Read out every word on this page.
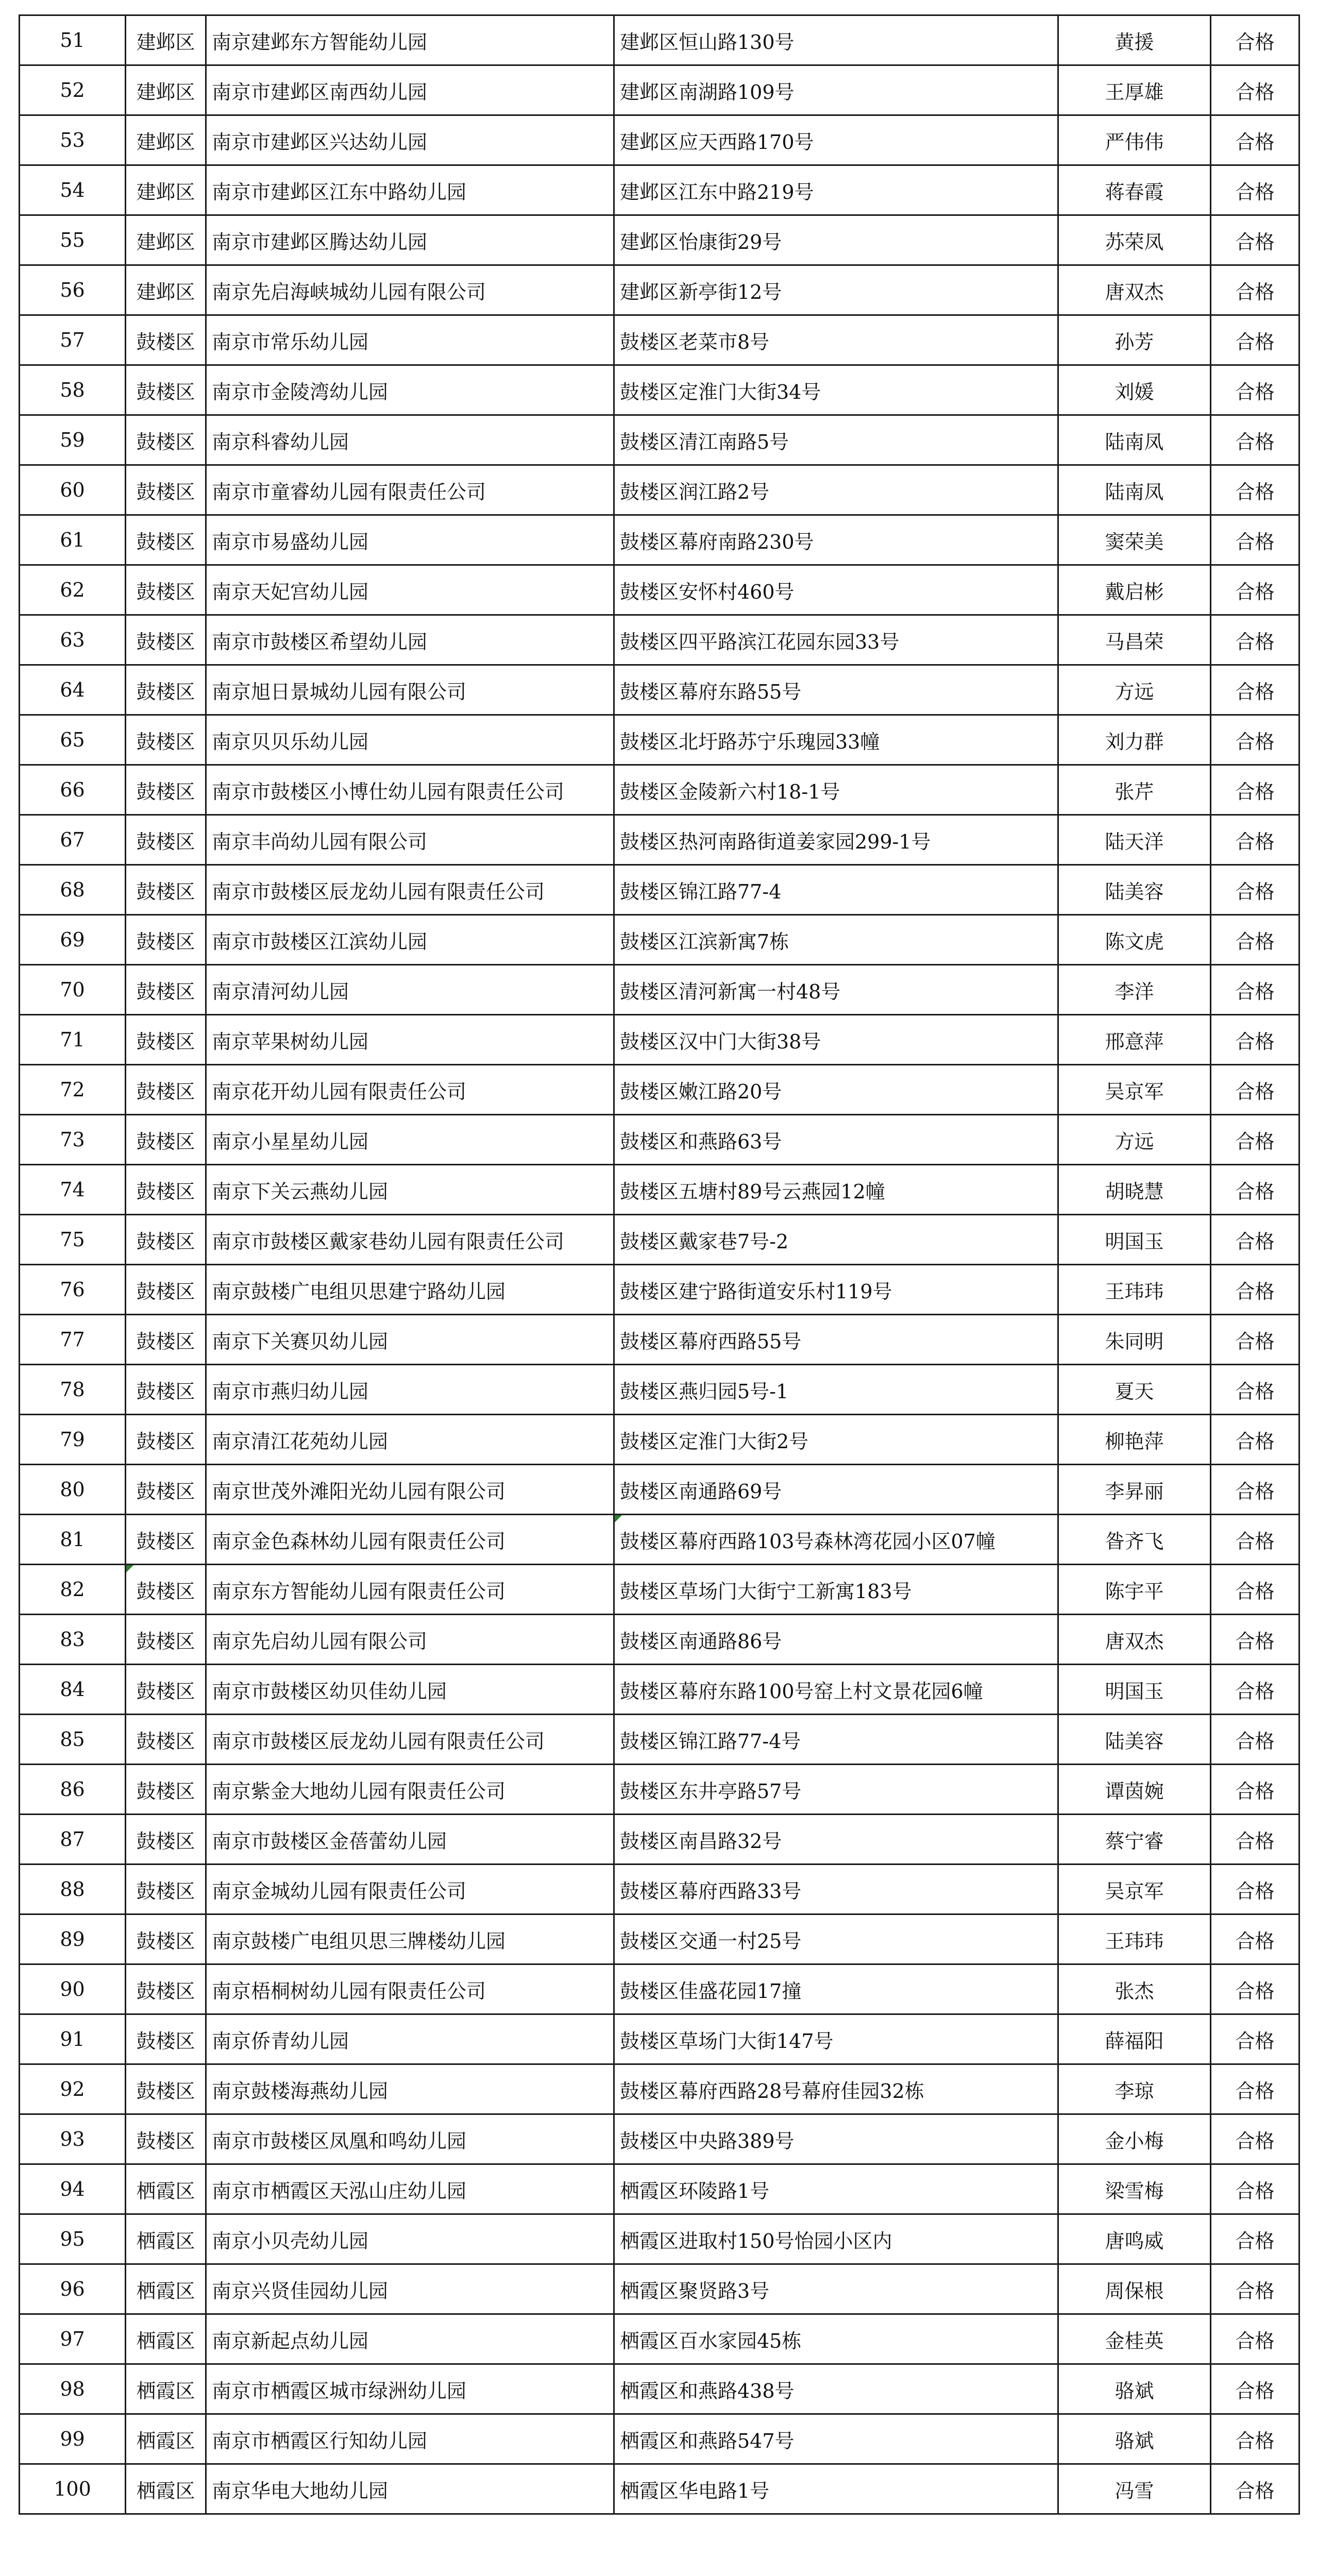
51	建邺区	南京建邺东方智能幼儿园	建邺区恒山路130号	黄援	合格
52	建邺区	南京市建邺区南西幼儿园	建邺区南湖路109号	王厚雄	合格
53	建邺区	南京市建邺区兴达幼儿园	建邺区应天西路170号	严伟伟	合格
54	建邺区	南京市建邺区江东中路幼儿园	建邺区江东中路219号	蒋春霞	合格
55	建邺区	南京市建邺区腾达幼儿园	建邺区怡康街29号	苏荣凤	合格
56	建邺区	南京先启海峡城幼儿园有限公司	建邺区新亭街12号	唐双杰	合格
57	鼓楼区	南京市常乐幼儿园	鼓楼区老菜市8号	孙芳	合格
58	鼓楼区	南京市金陵湾幼儿园	鼓楼区定淮门大街34号	刘媛	合格
59	鼓楼区	南京科睿幼儿园	鼓楼区清江南路5号	陆南凤	合格
60	鼓楼区	南京市童睿幼儿园有限责任公司	鼓楼区润江路2号	陆南凤	合格
61	鼓楼区	南京市易盛幼儿园	鼓楼区幕府南路230号	窦荣美	合格
62	鼓楼区	南京天妃宫幼儿园	鼓楼区安怀村460号	戴启彬	合格
63	鼓楼区	南京市鼓楼区希望幼儿园	鼓楼区四平路滨江花园东园33号	马昌荣	合格
64	鼓楼区	南京旭日景城幼儿园有限公司	鼓楼区幕府东路55号	方远	合格
65	鼓楼区	南京贝贝乐幼儿园	鼓楼区北圩路苏宁乐瑰园33幢	刘力群	合格
66	鼓楼区	南京市鼓楼区小博仕幼儿园有限责任公司	鼓楼区金陵新六村18-1号	张芹	合格
67	鼓楼区	南京丰尚幼儿园有限公司	鼓楼区热河南路街道姜家园299-1号	陆天洋	合格
68	鼓楼区	南京市鼓楼区辰龙幼儿园有限责任公司	鼓楼区锦江路77-4	陆美容	合格
69	鼓楼区	南京市鼓楼区江滨幼儿园	鼓楼区江滨新寓7栋	陈文虎	合格
70	鼓楼区	南京清河幼儿园	鼓楼区清河新寓一村48号	李洋	合格
71	鼓楼区	南京苹果树幼儿园	鼓楼区汉中门大街38号	邢意萍	合格
72	鼓楼区	南京花开幼儿园有限责任公司	鼓楼区嫩江路20号	吴京军	合格
73	鼓楼区	南京小星星幼儿园	鼓楼区和燕路63号	方远	合格
74	鼓楼区	南京下关云燕幼儿园	鼓楼区五塘村89号云燕园12幢	胡晓慧	合格
75	鼓楼区	南京市鼓楼区戴家巷幼儿园有限责任公司	鼓楼区戴家巷7号-2	明国玉	合格
76	鼓楼区	南京鼓楼广电组贝思建宁路幼儿园	鼓楼区建宁路街道安乐村119号	王玮玮	合格
77	鼓楼区	南京下关赛贝幼儿园	鼓楼区幕府西路55号	朱同明	合格
78	鼓楼区	南京市燕归幼儿园	鼓楼区燕归园5号-1	夏天	合格
79	鼓楼区	南京清江花苑幼儿园	鼓楼区定淮门大街2号	柳艳萍	合格
80	鼓楼区	南京世茂外滩阳光幼儿园有限公司	鼓楼区南通路69号	李昇丽	合格
81	鼓楼区	南京金色森林幼儿园有限责任公司	鼓楼区幕府西路103号森林湾花园小区07幢	昝齐飞	合格
82	鼓楼区	南京东方智能幼儿园有限责任公司	鼓楼区草场门大街宁工新寓183号	陈宇平	合格
83	鼓楼区	南京先启幼儿园有限公司	鼓楼区南通路86号	唐双杰	合格
84	鼓楼区	南京市鼓楼区幼贝佳幼儿园	鼓楼区幕府东路100号窑上村文景花园6幢	明国玉	合格
85	鼓楼区	南京市鼓楼区辰龙幼儿园有限责任公司	鼓楼区锦江路77-4号	陆美容	合格
86	鼓楼区	南京紫金大地幼儿园有限责任公司	鼓楼区东井亭路57号	谭茵婉	合格
87	鼓楼区	南京市鼓楼区金蓓蕾幼儿园	鼓楼区南昌路32号	蔡宁睿	合格
88	鼓楼区	南京金城幼儿园有限责任公司	鼓楼区幕府西路33号	吴京军	合格
89	鼓楼区	南京鼓楼广电组贝思三牌楼幼儿园	鼓楼区交通一村25号	王玮玮	合格
90	鼓楼区	南京梧桐树幼儿园有限责任公司	鼓楼区佳盛花园17撞	张杰	合格
91	鼓楼区	南京侨青幼儿园	鼓楼区草场门大街147号	薛福阳	合格
92	鼓楼区	南京鼓楼海燕幼儿园	鼓楼区幕府西路28号幕府佳园32栋	李琼	合格
93	鼓楼区	南京市鼓楼区凤凰和鸣幼儿园	鼓楼区中央路389号	金小梅	合格
94	栖霞区	南京市栖霞区天泓山庄幼儿园	栖霞区环陵路1号	梁雪梅	合格
95	栖霞区	南京小贝壳幼儿园	栖霞区进取村150号怡园小区内	唐鸣威	合格
96	栖霞区	南京兴贤佳园幼儿园	栖霞区聚贤路3号	周保根	合格
97	栖霞区	南京新起点幼儿园	栖霞区百水家园45栋	金桂英	合格
98	栖霞区	南京市栖霞区城市绿洲幼儿园	栖霞区和燕路438号	骆斌	合格
99	栖霞区	南京市栖霞区行知幼儿园	栖霞区和燕路547号	骆斌	合格
100	栖霞区	南京华电大地幼儿园	栖霞区华电路1号	冯雪	合格
